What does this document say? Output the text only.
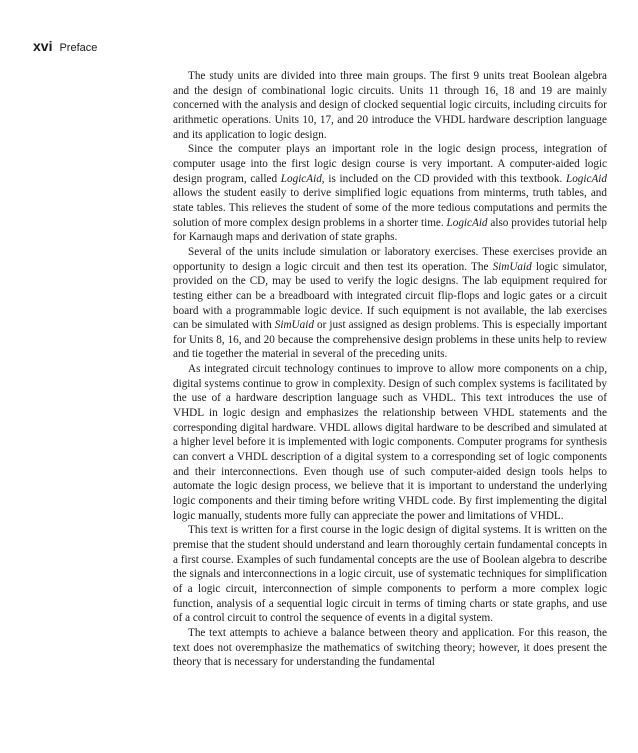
xvi Preface

The study units are divided into three main groups. The first 9 units treat Boolean algebra and the design of combinational logic circuits. Units 11 through 16, 18 and 19 are mainly concerned with the analysis and design of clocked sequential logic circuits, including circuits for arithmetic operations. Units 10, 17, and 20 introduce the VHDL hardware description language and its application to logic design.

Since the computer plays an important role in the logic design process, integration of computer usage into the first logic design course is very important. A computer-aided logic design program, called LogicAid, is included on the CD provided with this textbook. LogicAid allows the student easily to derive simplified logic equations from minterms, truth tables, and state tables. This relieves the student of some of the more tedious computations and permits the solution of more complex design problems in a shorter time. LogicAid also provides tutorial help for Karnaugh maps and derivation of state graphs.

Several of the units include simulation or laboratory exercises. These exercises provide an opportunity to design a logic circuit and then test its operation. The SimUaid logic simulator, provided on the CD, may be used to verify the logic designs. The lab equipment required for testing either can be a breadboard with integrated circuit flip-flops and logic gates or a circuit board with a programmable logic device. If such equipment is not available, the lab exercises can be simulated with SimUaid or just assigned as design problems. This is especially important for Units 8, 16, and 20 because the comprehensive design problems in these units help to review and tie together the material in several of the preceding units.

As integrated circuit technology continues to improve to allow more components on a chip, digital systems continue to grow in complexity. Design of such complex systems is facilitated by the use of a hardware description language such as VHDL. This text introduces the use of VHDL in logic design and emphasizes the relationship between VHDL statements and the corresponding digital hardware. VHDL allows digital hardware to be described and simulated at a higher level before it is implemented with logic components. Computer programs for synthesis can convert a VHDL description of a digital system to a corresponding set of logic components and their interconnections. Even though use of such computer-aided design tools helps to automate the logic design process, we believe that it is important to understand the underlying logic components and their timing before writing VHDL code. By first implementing the digital logic manually, students more fully can appreciate the power and limitations of VHDL.

This text is written for a first course in the logic design of digital systems. It is written on the premise that the student should understand and learn thoroughly certain fundamental concepts in a first course. Examples of such fundamental concepts are the use of Boolean algebra to describe the signals and interconnections in a logic circuit, use of systematic techniques for simplification of a logic circuit, interconnection of simple components to perform a more complex logic function, analysis of a sequential logic circuit in terms of timing charts or state graphs, and use of a control circuit to control the sequence of events in a digital system.

The text attempts to achieve a balance between theory and application. For this reason, the text does not overemphasize the mathematics of switching theory; however, it does present the theory that is necessary for understanding the fundamental
